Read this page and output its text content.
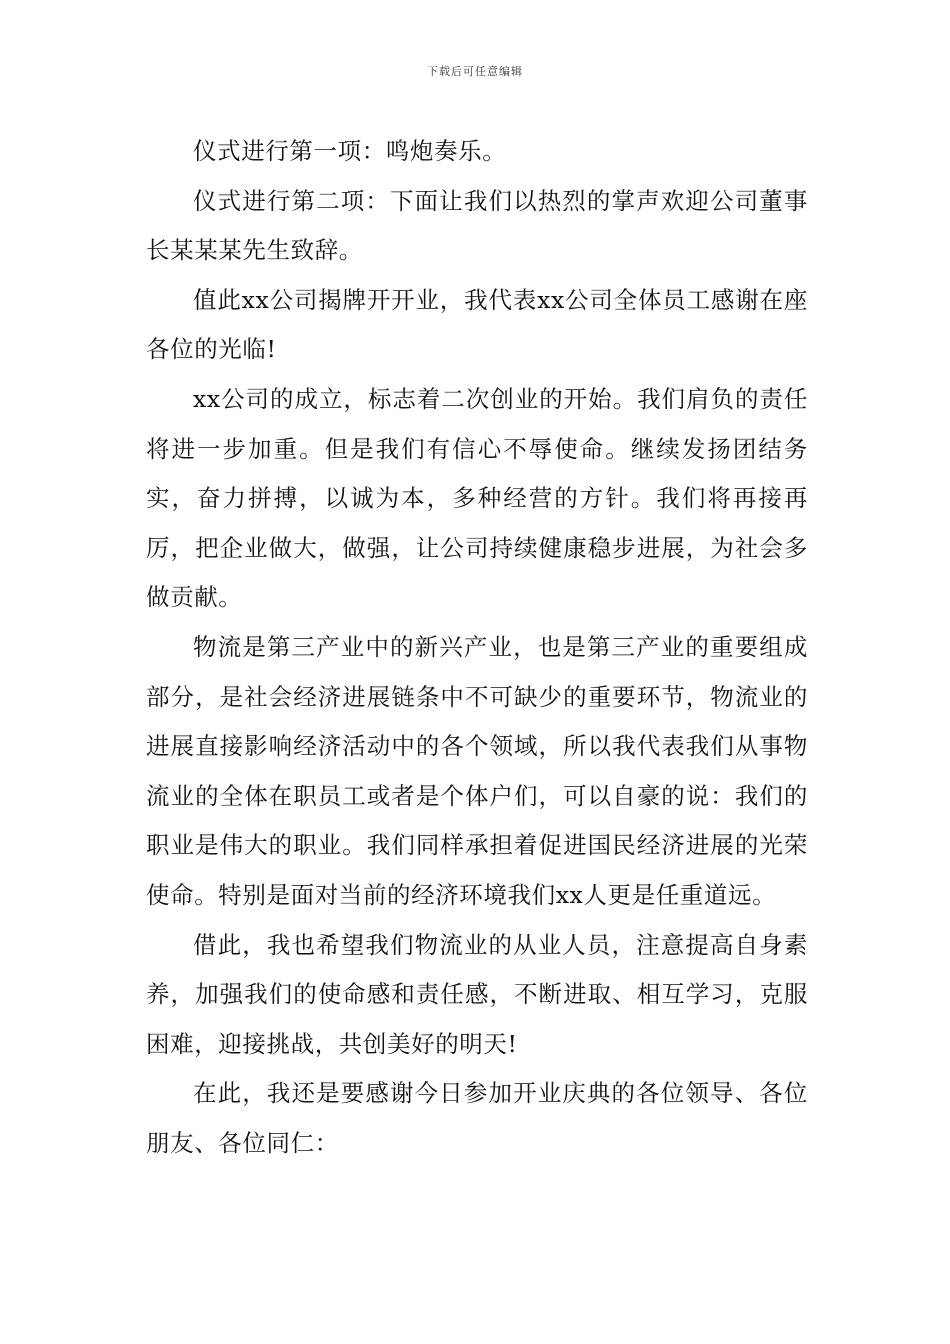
下载后可任意编辑

仪式进行第一项：鸣炮奏乐。

仪式进行第二项：下面让我们以热烈的掌声欢迎公司董事长某某某先生致辞。

值此xx公司揭牌开开业，我代表xx公司全体员工感谢在座各位的光临!

xx公司的成立，标志着二次创业的开始。我们肩负的责任将进一步加重。但是我们有信心不辱使命。继续发扬团结务实，奋力拼搏，以诚为本，多种经营的方针。我们将再接再厉，把企业做大，做强，让公司持续健康稳步进展，为社会多做贡献。

物流是第三产业中的新兴产业，也是第三产业的重要组成部分，是社会经济进展链条中不可缺少的重要环节，物流业的进展直接影响经济活动中的各个领域，所以我代表我们从事物流业的全体在职员工或者是个体户们，可以自豪的说：我们的职业是伟大的职业。我们同样承担着促进国民经济进展的光荣使命。特别是面对当前的经济环境我们xx人更是任重道远。

借此，我也希望我们物流业的从业人员，注意提高自身素养，加强我们的使命感和责任感，不断进取、相互学习，克服困难，迎接挑战，共创美好的明天!

在此，我还是要感谢今日参加开业庆典的各位领导、各位朋友、各位同仁：
